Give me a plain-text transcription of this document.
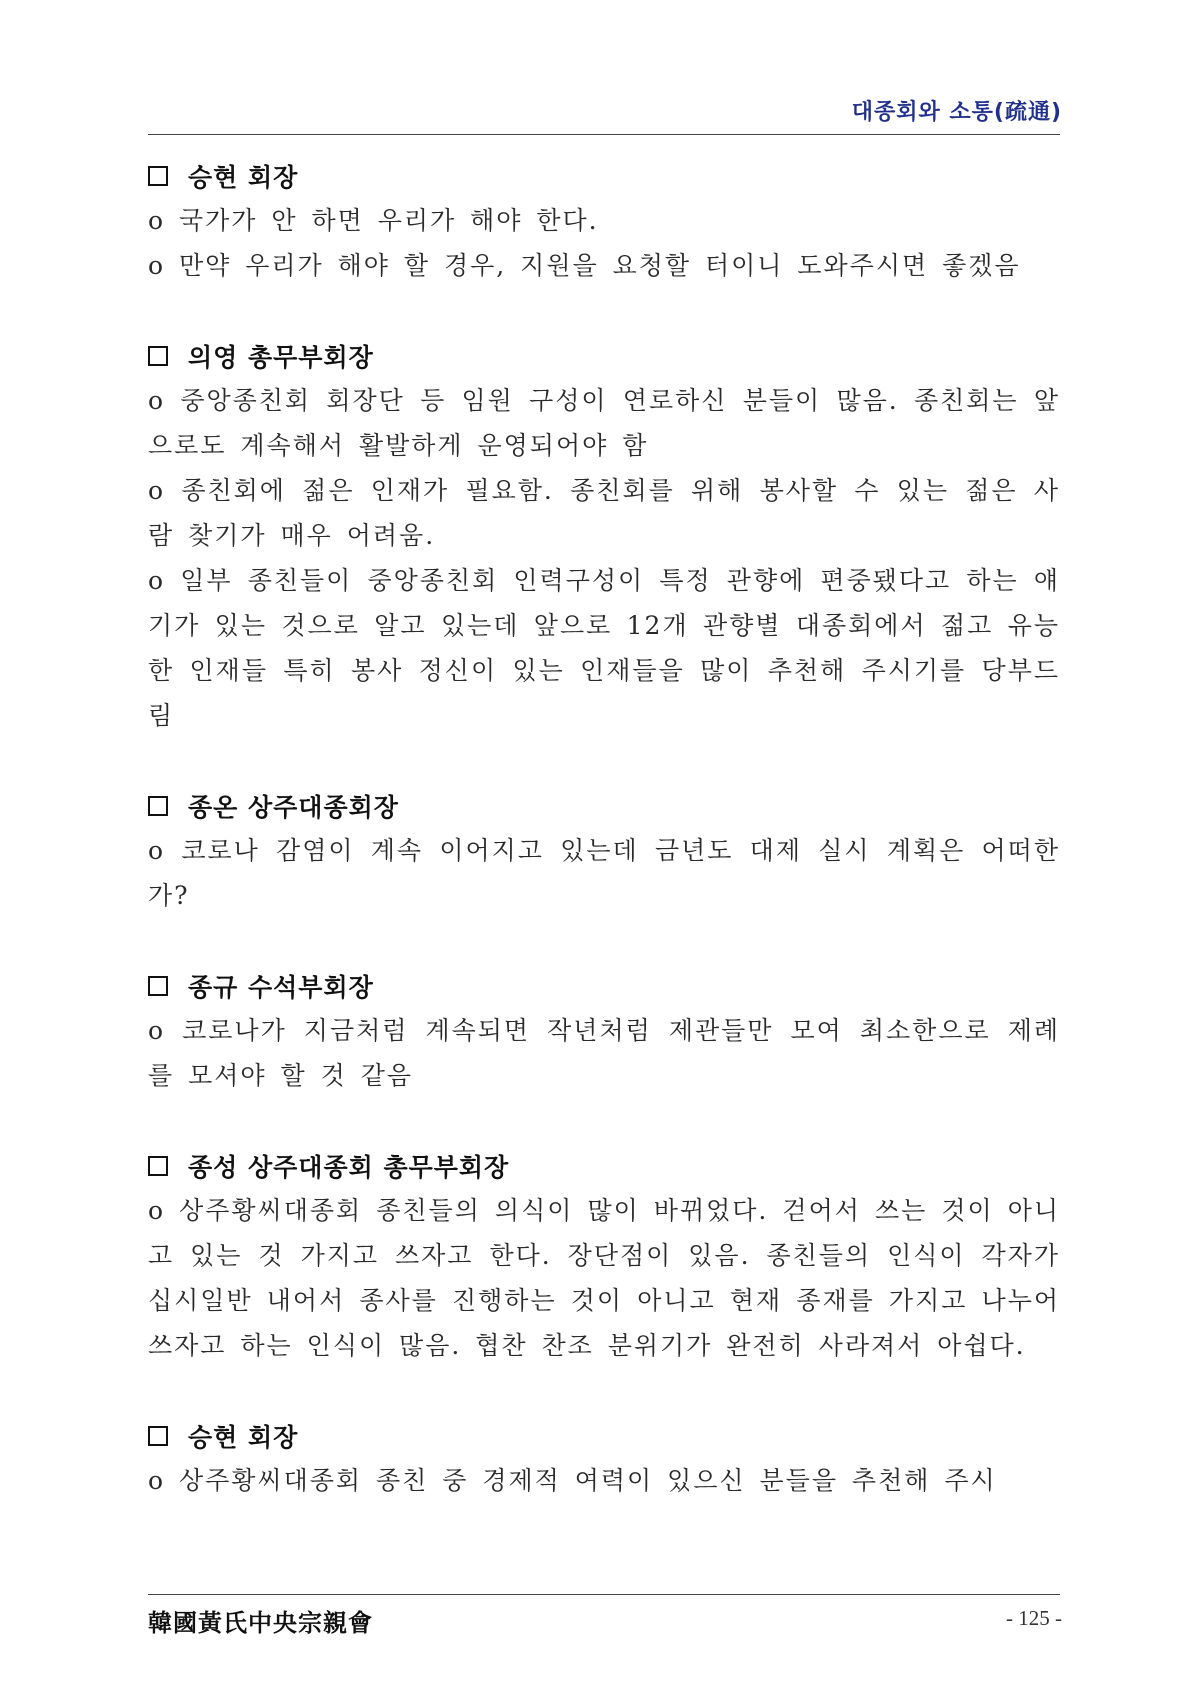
대종회와 소통(疏通)
승현 회장
o 국가가 안 하면 우리가 해야 한다.
o 만약 우리가 해야 할 경우, 지원을 요청할 터이니 도와주시면 좋겠음
의영 총무부회장
o 중앙종친회 회장단 등 임원 구성이 연로하신 분들이 많음. 종친회는 앞으로도 계속해서 활발하게 운영되어야 함
o 종친회에 젊은 인재가 필요함. 종친회를 위해 봉사할 수 있는 젊은 사람 찾기가 매우 어려움.
o 일부 종친들이 중앙종친회 인력구성이 특정 관향에 편중됐다고 하는 얘기가 있는 것으로 알고 있는데 앞으로 12개 관향별 대종회에서 젊고 유능한 인재들 특히 봉사 정신이 있는 인재들을 많이 추천해 주시기를 당부드림
종온 상주대종회장
o 코로나 감염이 계속 이어지고 있는데 금년도 대제 실시 계획은 어떠한가?
종규 수석부회장
o 코로나가 지금처럼 계속되면 작년처럼 제관들만 모여 최소한으로 제례를 모셔야 할 것 같음
종성 상주대종회 총무부회장
o 상주황씨대종회 종친들의 의식이 많이 바뀌었다. 걷어서 쓰는 것이 아니고 있는 것 가지고 쓰자고 한다. 장단점이 있음. 종친들의 인식이 각자가 십시일반 내어서 종사를 진행하는 것이 아니고 현재 종재를 가지고 나누어 쓰자고 하는 인식이 많음. 협찬 찬조 분위기가 완전히 사라져서 아쉽다.
승현 회장
o 상주황씨대종회 종친 중 경제적 여력이 있으신 분들을 추천해 주시
韓國黃氏中央宗親會	- 125 -
